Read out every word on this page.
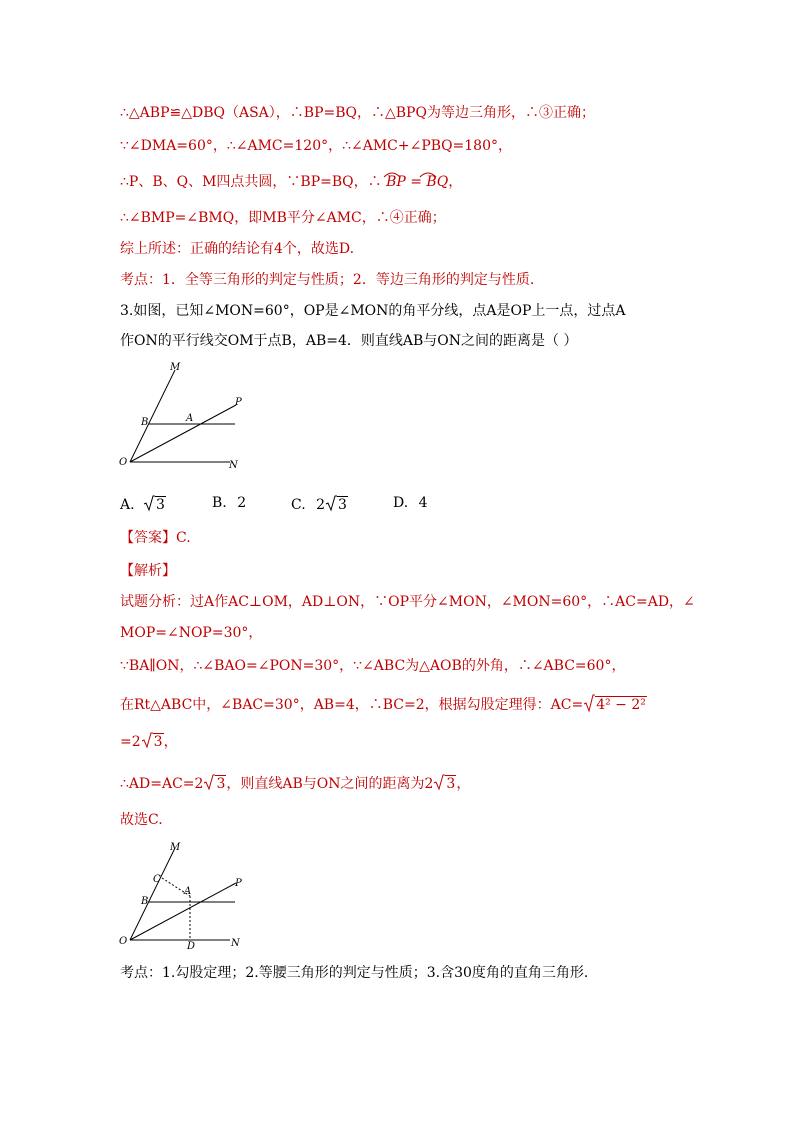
∴△ABP≌△DBQ（ASA），∴BP=BQ，∴△BPQ为等边三角形，∴③正确；
∵∠DMA=60°，∴∠AMC=120°，∴∠AMC+∠PBQ=180°，
∴P、B、Q、M四点共圆，∵BP=BQ，∴ BP = BQ，
∴∠BMP=∠BMQ，即MB平分∠AMC，∴④正确；
综上所述：正确的结论有4个，故选D.
考点：1．全等三角形的判定与性质；2．等边三角形的判定与性质.
3.如图，已知∠MON=60°，OP是∠MON的角平分线，点A是OP上一点，过点A
作ON的平行线交OM于点B，AB=4．则直线AB与ON之间的距离是（ ）
M
P
A
B
O	N
A. 3	B. 2	C. 2 3	D. 4
【答案】C.
【解析】
试题分析：过A作AC⊥OM，AD⊥ON，∵OP平分∠MON，∠MON=60°，∴AC=AD，∠
MOP=∠NOP=30°，
∵BA∥ON，∴∠BAO=∠PON=30°，∵∠ABC为△AOB的外角，∴∠ABC=60°，
在Rt△ABC中，∠BAC=30°，AB=4，∴BC=2，根据勾股定理得：AC= 4² − 2²
=2 3，
∴AD=AC=2 3，则直线AB与ON之间的距离为2 3，
故选C.
M
P
C
A
B
O	D	N
考点：1.勾股定理；2.等腰三角形的判定与性质；3.含30度角的直角三角形.
